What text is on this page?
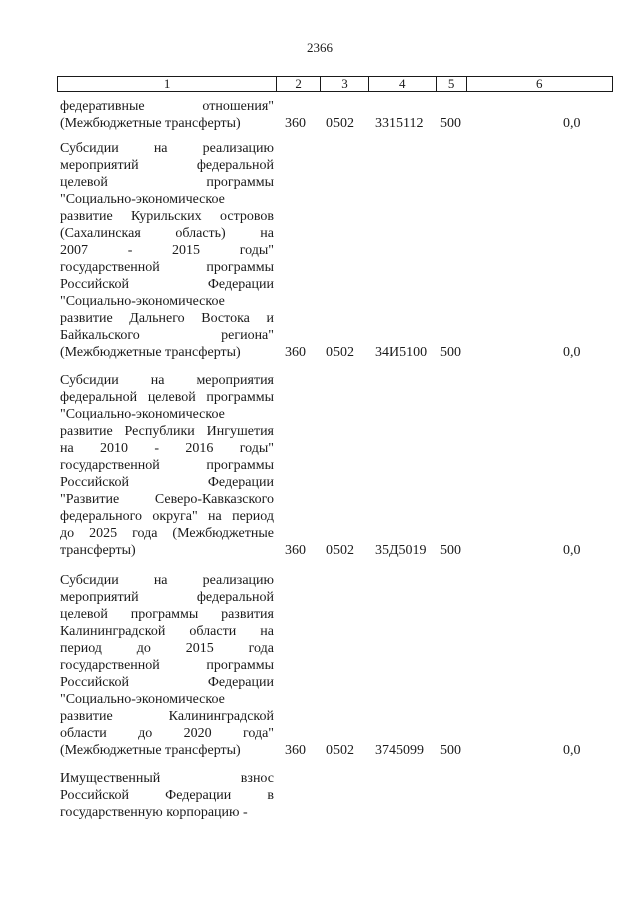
2366
1	2	3	4	5	6
федеративные отношения"
(Межбюджетные трансферты)	360 0502 3315112 500	0,0
Субсидии на реализацию
мероприятий федеральной
целевой программы
"Социально-экономическое
развитие Курильских островов
(Сахалинская область) на
2007 - 2015 годы"
государственной программы
Российской Федерации
"Социально-экономическое
развитие Дальнего Востока и
Байкальского региона"
(Межбюджетные трансферты)	360 0502 34И5100 500	0,0
Субсидии на мероприятия
федеральной целевой программы
"Социально-экономическое
развитие Республики Ингушетия
на 2010 - 2016 годы"
государственной программы
Российской Федерации
"Развитие Северо-Кавказского
федерального округа" на период
до 2025 года (Межбюджетные
трансферты)	360 0502 35Д5019 500	0,0
Субсидии на реализацию
мероприятий федеральной
целевой программы развития
Калининградской области на
период до 2015 года
государственной программы
Российской Федерации
"Социально-экономическое
развитие Калининградской
области до 2020 года"
(Межбюджетные трансферты)	360 0502 3745099 500	0,0
Имущественный взнос
Российской Федерации в
государственную корпорацию -
